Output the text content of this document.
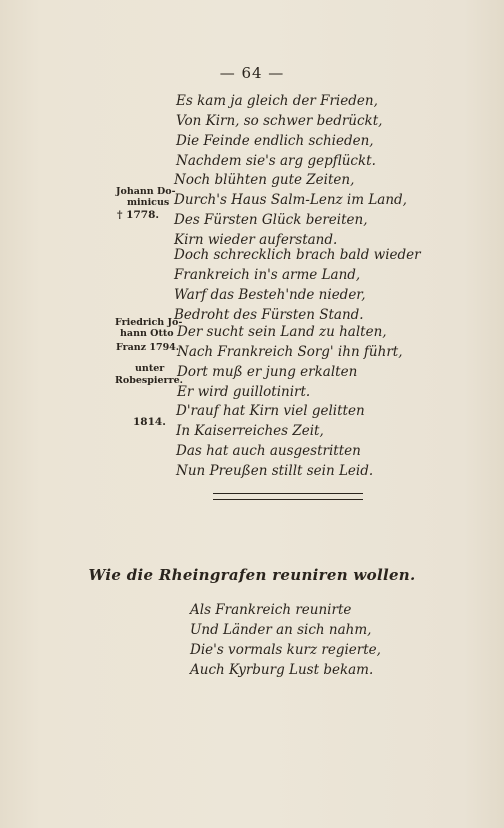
— 64 —
Es kam ja gleich der Frieden,
Von Kirn, so schwer bedrückt,
Die Feinde endlich schieden,
Nachdem sie's arg gepflückt.
Noch blühten gute Zeiten,
Durch's Haus Salm-Lenz im Land,
Des Fürsten Glück bereiten,
Kirn wieder auferstand.
Johann Do-
minicus
† 1778.
Doch schrecklich brach bald wieder
Frankreich in's arme Land,
Warf das Besteh'nde nieder,
Bedroht des Fürsten Stand.
Der sucht sein Land zu halten,
Nach Frankreich Sorg' ihn führt,
Dort muß er jung erkalten
Er wird guillotinirt.
Friedrich Jo-
hann Otto
Franz 1794.
unter
Robespierre.
D'rauf hat Kirn viel gelitten
In Kaiserreiches Zeit,
Das hat auch ausgestritten
Nun Preußen stillt sein Leid.
1814.
Wie die Rheingrafen reuniren wollen.
Als Frankreich reunirte
Und Länder an sich nahm,
Die's vormals kurz regierte,
Auch Kyrburg Lust bekam.
